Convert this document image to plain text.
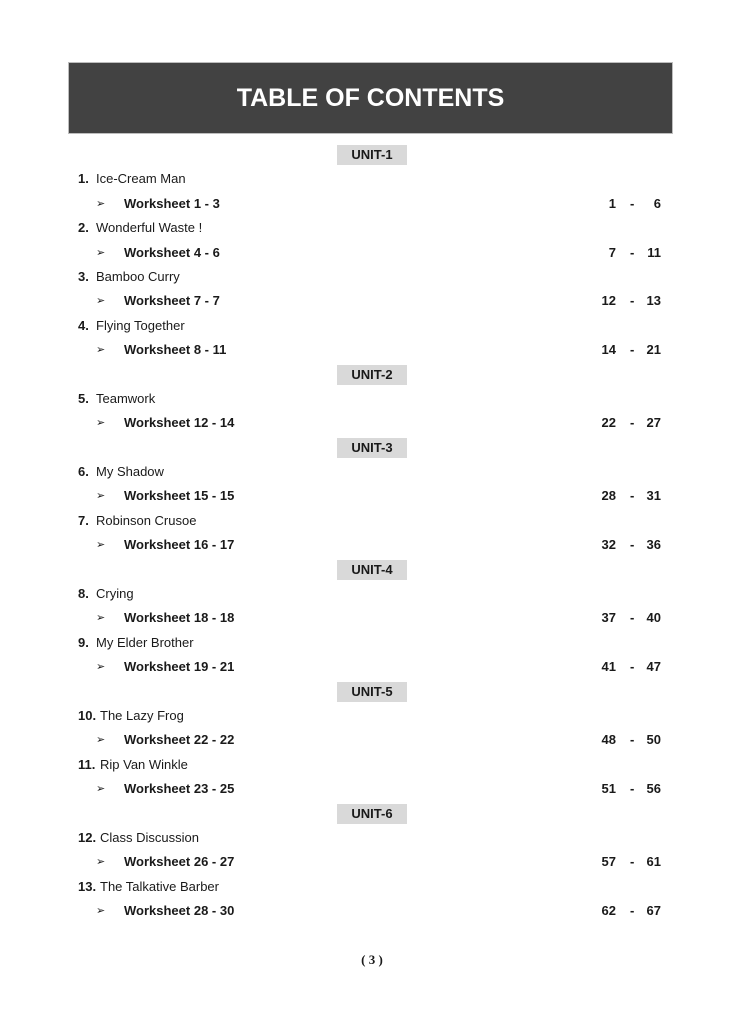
TABLE OF CONTENTS
UNIT-1
1. Ice-Cream Man
➢ Worksheet 1 - 3	1 - 6
2. Wonderful Waste !
➢ Worksheet 4 - 6	7 - 11
3. Bamboo Curry
➢ Worksheet 7 - 7	12 - 13
4. Flying Together
➢ Worksheet 8 - 11	14 - 21
UNIT-2
5. Teamwork
➢ Worksheet 12 - 14	22 - 27
UNIT-3
6. My Shadow
➢ Worksheet 15 - 15	28 - 31
7. Robinson Crusoe
➢ Worksheet 16 - 17	32 - 36
UNIT-4
8. Crying
➢ Worksheet 18 - 18	37 - 40
9. My Elder Brother
➢ Worksheet 19 - 21	41 - 47
UNIT-5
10. The Lazy Frog
➢ Worksheet 22 - 22	48 - 50
11. Rip Van Winkle
➢ Worksheet 23 - 25	51 - 56
UNIT-6
12. Class Discussion
➢ Worksheet 26 - 27	57 - 61
13. The Talkative Barber
➢ Worksheet 28 - 30	62 - 67
( 3 )
